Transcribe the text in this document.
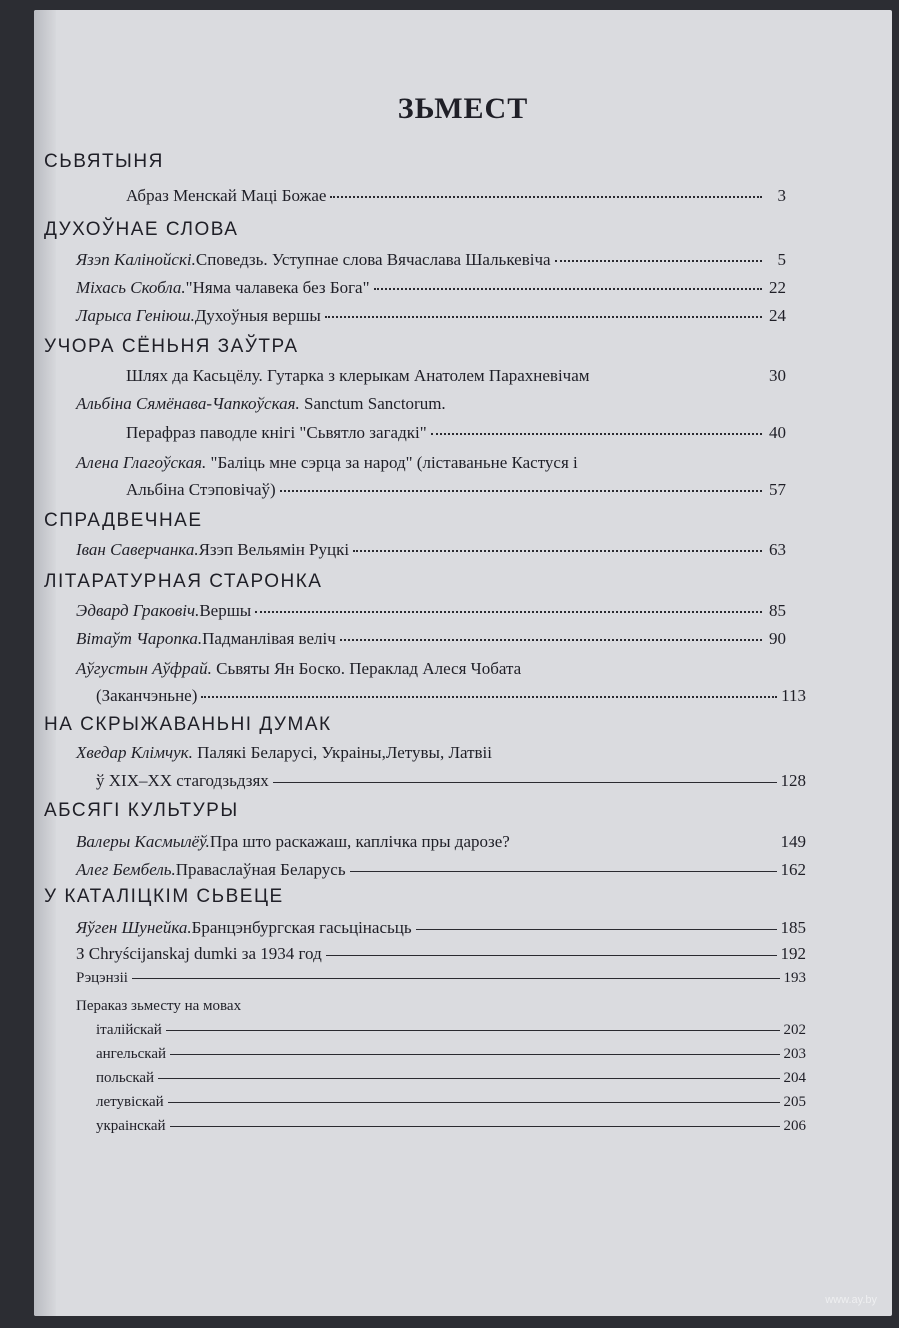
ЗЬМЕСТ
СЬВЯТЫНЯ
Абраз Менскай Маці Божае	3
ДУХОЎНАЕ СЛОВА
Язэп Калінойскі. Споведзь. Уступнае слова Вячаслава Шалькевіча	5
Міхась Скобла. "Няма чалавека без Бога"	22
Ларыса Геніюш. Духоўныя вершы	24
УЧОРА СЁНЬНЯ ЗАЎТРА
Шлях да Касьцёлу. Гутарка з клерыкам Анатолем Парахневічам	30
Альбіна Сямёнава-Чапкоўская. Sanctum Sanctorum.
Перафраз паводле кнігі "Сьвятло загадкі"	40
Алена Глагоўская. "Баліць мне сэрца за народ" (ліставаньне Кастуся і
Альбіна Стэповічаў)	57
СПРАДВЕЧНАЕ
Іван Саверчанка. Язэп Вельямін Руцкі	63
ЛІТАРАТУРНАЯ СТАРОНКА
Эдвард Граковіч. Вершы	85
Вітаўт Чаропка. Падманлівая веліч	90
Аўгустын Аўфрай. Сьвяты Ян Боско. Пераклад Алеся Чобата
(Заканчэньне)	113
НА СКРЫЖАВАНЬНІ ДУМАК
Хведар Клімчук. Палякі Беларусі, Украіны,Летувы, Латвіі
ў XIX–XX стагодзьдзях	128
АБСЯГІ КУЛЬТУРЫ
Валеры Касмылёў. Пра што раскажаш, каплічка пры дарозе?	149
Алег Бембель. Праваслаўная Беларусь	162
У КАТАЛІЦКІМ СЬВЕЦЕ
Яўген Шунейка. Бранцэнбургская гасьцінасьць	185
З Chryścijanskaj dumki за 1934 год	192
Рэцэнзіі	193
Пераказ зьместу на мовах
італійскай	202
ангельскай	203
польскай	204
летувіскай	205
украінскай	206
www.ay.by
